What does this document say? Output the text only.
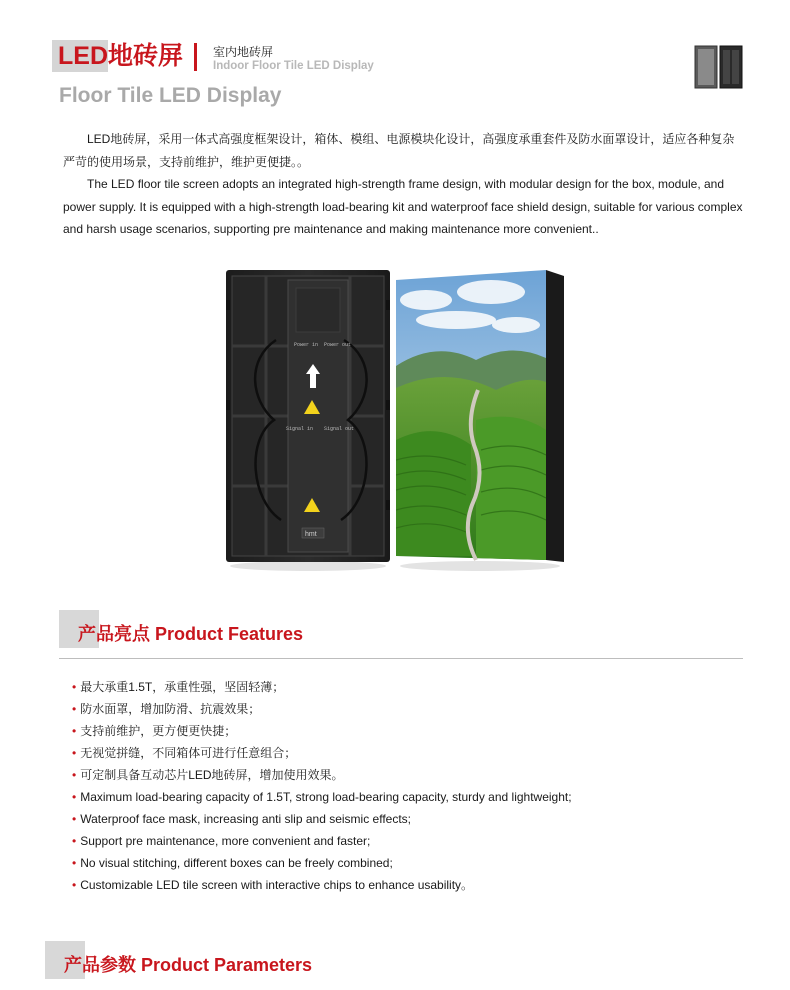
LED地砖屏 室内地砖屏
Indoor Floor Tile LED Display
Floor Tile LED Display
LED地砖屏，采用一体式高强度框架设计，箱体、模组、电源模块化设计，高强度承重套件及防水面罩设计，适应各种复杂严苛的使用场景，支持前维护，维护更便捷。。
The LED floor tile screen adopts an integrated high-strength frame design, with modular design for the box, module, and power supply. It is equipped with a high-strength load-bearing kit and waterproof face shield design, suitable for various complex and harsh usage scenarios, supporting pre maintenance and making maintenance more convenient..
Power in Power out
Signal in Signal out
hmt
产品亮点 Product Features
• 最大承重1.5T，承重性强，坚固轻薄；
• 防水面罩，增加防滑、抗震效果；
• 支持前维护，更方便更快捷；
• 无视觉拼缝，不同箱体可进行任意组合；
• 可定制具备互动芯片LED地砖屏，增加使用效果。
• Maximum load-bearing capacity of 1.5T, strong load-bearing capacity, sturdy and lightweight;
• Waterproof face mask, increasing anti slip and seismic effects;
• Support pre maintenance, more convenient and faster;
• No visual stitching, different boxes can be freely combined;
• Customizable LED tile screen with interactive chips to enhance usability。
产品参数 Product Parameters
